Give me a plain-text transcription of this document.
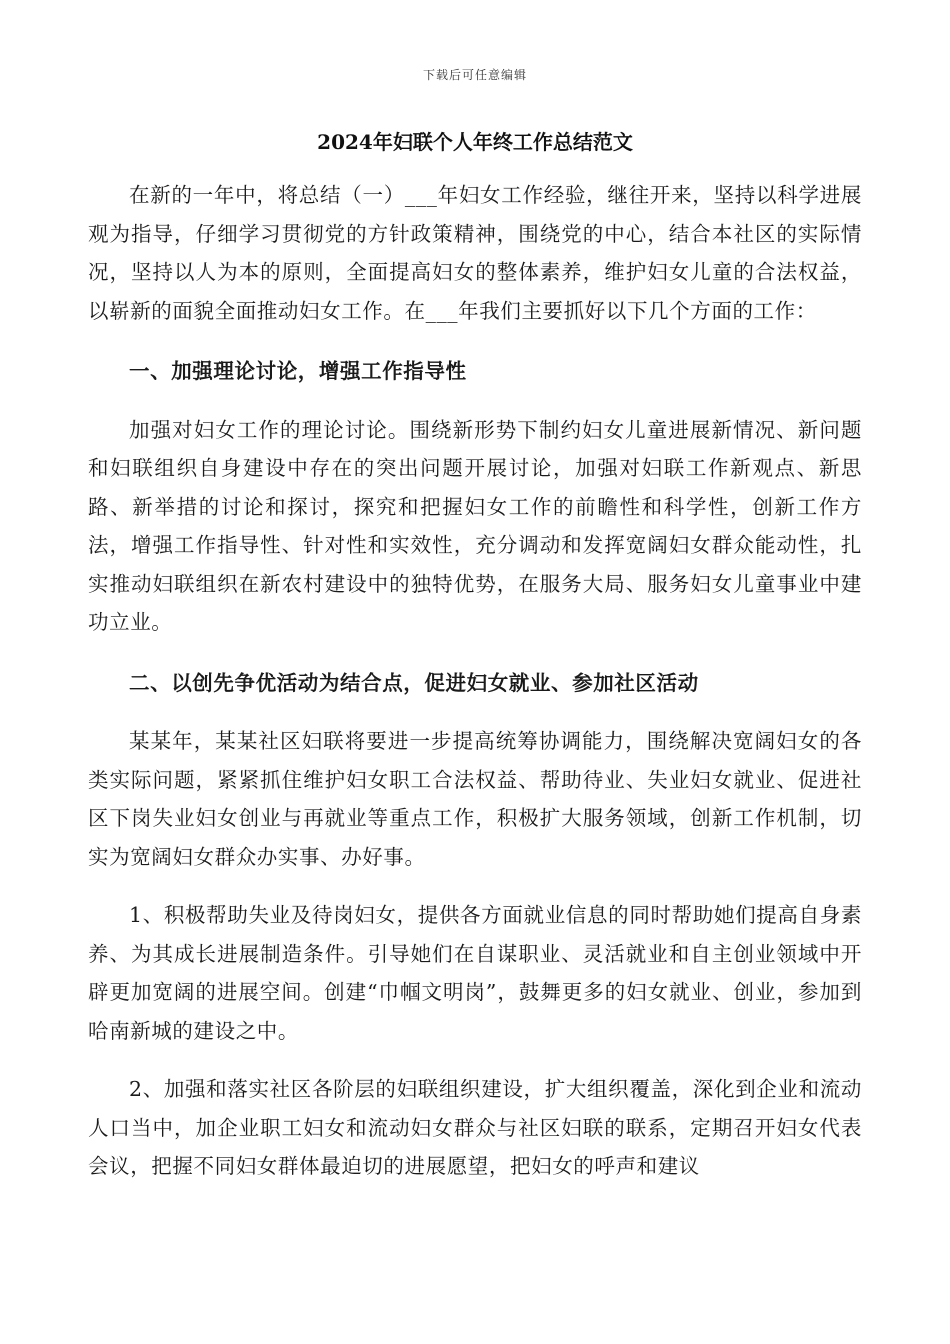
下载后可任意编辑
2024年妇联个人年终工作总结范文

在新的一年中，将总结（一）___年妇女工作经验，继往开来，坚持以科学进展观为指导，仔细学习贯彻党的方针政策精神，围绕党的中心，结合本社区的实际情况，坚持以人为本的原则，全面提高妇女的整体素养，维护妇女儿童的合法权益，以崭新的面貌全面推动妇女工作。在___年我们主要抓好以下几个方面的工作：

一、加强理论讨论，增强工作指导性

加强对妇女工作的理论讨论。围绕新形势下制约妇女儿童进展新情况、新问题和妇联组织自身建设中存在的突出问题开展讨论，加强对妇联工作新观点、新思路、新举措的讨论和探讨，探究和把握妇女工作的前瞻性和科学性，创新工作方法，增强工作指导性、针对性和实效性，充分调动和发挥宽阔妇女群众能动性，扎实推动妇联组织在新农村建设中的独特优势，在服务大局、服务妇女儿童事业中建功立业。

二、以创先争优活动为结合点，促进妇女就业、参加社区活动

某某年，某某社区妇联将要进一步提高统筹协调能力，围绕解决宽阔妇女的各类实际问题，紧紧抓住维护妇女职工合法权益、帮助待业、失业妇女就业、促进社区下岗失业妇女创业与再就业等重点工作，积极扩大服务领域，创新工作机制，切实为宽阔妇女群众办实事、办好事。

1、积极帮助失业及待岗妇女，提供各方面就业信息的同时帮助她们提高自身素养、为其成长进展制造条件。引导她们在自谋职业、灵活就业和自主创业领域中开辟更加宽阔的进展空间。创建“巾帼文明岗”，鼓舞更多的妇女就业、创业，参加到哈南新城的建设之中。

2、加强和落实社区各阶层的妇联组织建设，扩大组织覆盖，深化到企业和流动人口当中，加企业职工妇女和流动妇女群众与社区妇联的联系，定期召开妇女代表会议，把握不同妇女群体最迫切的进展愿望，把妇女的呼声和建议
